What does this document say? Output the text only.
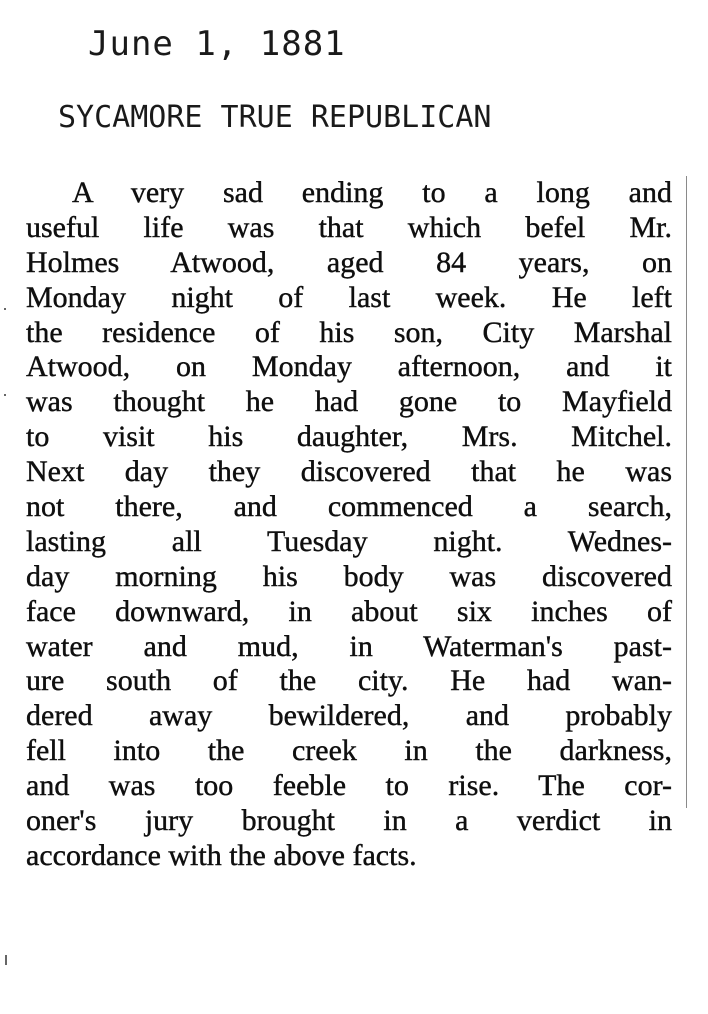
June 1, 1881
SYCAMORE TRUE REPUBLICAN
A very sad ending to a long and
useful life was that which befel Mr.
Holmes Atwood, aged 84 years, on
Monday night of last week. He left
the residence of his son, City Marshal
Atwood, on Monday afternoon, and it
was thought he had gone to Mayfield
to visit his daughter, Mrs. Mitchel.
Next day they discovered that he was
not there, and commenced a search,
lasting all Tuesday night. Wednes-
day morning his body was discovered
face downward, in about six inches of
water and mud, in Waterman's past-
ure south of the city. He had wan-
dered away bewildered, and probably
fell into the creek in the darkness,
and was too feeble to rise. The cor-
oner's jury brought in a verdict in
accordance with the above facts.
